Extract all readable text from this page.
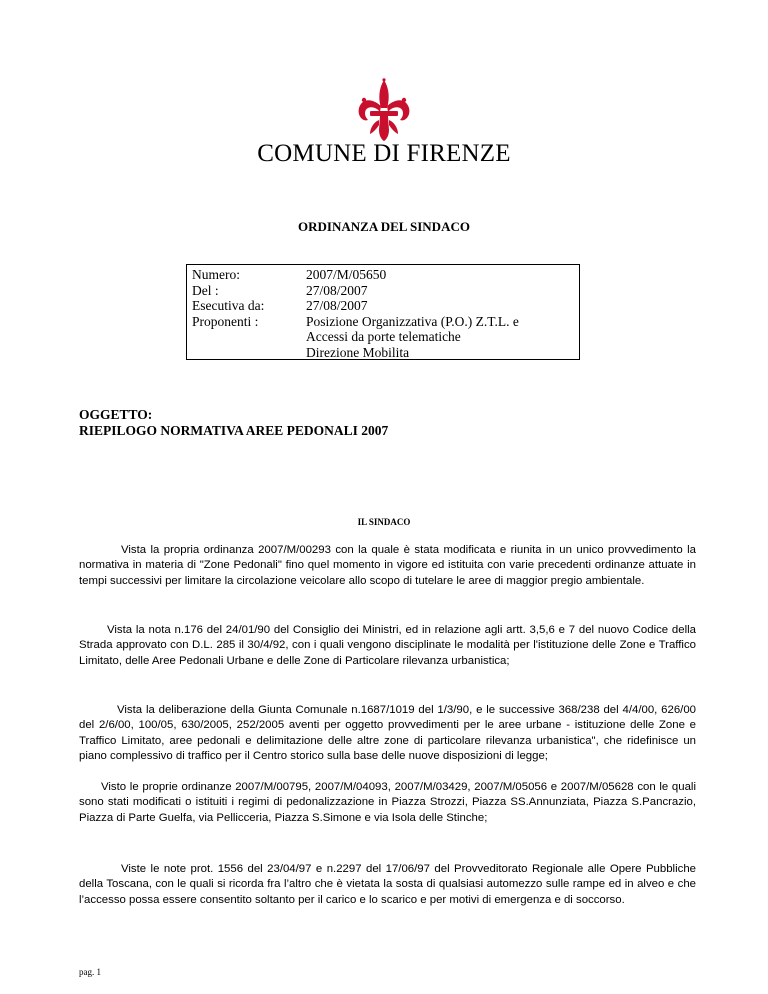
COMUNE DI FIRENZE
ORDINANZA DEL SINDACO
Numero:
Del :
Esecutiva da:
Proponenti :
2007/M/05650
27/08/2007
27/08/2007
Posizione Organizzativa (P.O.) Z.T.L. e
Accessi da porte telematiche
Direzione Mobilita
OGGETTO:
RIEPILOGO NORMATIVA AREE PEDONALI 2007
IL SINDACO

Vista la propria ordinanza 2007/M/00293 con la quale è stata modificata e riunita in un unico provvedimento la normativa in materia di "Zone Pedonali" fino quel momento in vigore ed istituita con varie precedenti ordinanze attuate in tempi successivi per limitare la circolazione veicolare allo scopo di tutelare le aree di maggior pregio ambientale.

Vista la nota n.176 del 24/01/90 del Consiglio dei Ministri, ed in relazione agli artt. 3,5,6 e 7 del nuovo Codice della Strada approvato con D.L. 285 il 30/4/92, con i quali vengono disciplinate le modalità per l'istituzione delle Zone e Traffico Limitato, delle Aree Pedonali Urbane e delle Zone di Particolare rilevanza urbanistica;

Vista la deliberazione della Giunta Comunale n.1687/1019 del 1/3/90, e le successive 368/238 del 4/4/00, 626/00 del 2/6/00, 100/05, 630/2005, 252/2005 aventi per oggetto provvedimenti per le aree urbane - istituzione delle Zone e Traffico Limitato, aree pedonali e delimitazione delle altre zone di particolare rilevanza urbanistica", che ridefinisce un piano complessivo di traffico per il Centro storico sulla base delle nuove disposizioni di legge;

Visto le proprie ordinanze 2007/M/00795, 2007/M/04093, 2007/M/03429, 2007/M/05056 e 2007/M/05628 con le quali sono stati modificati o istituiti i regimi di pedonalizzazione in Piazza Strozzi, Piazza SS.Annunziata, Piazza S.Pancrazio, Piazza di Parte Guelfa, via Pellicceria, Piazza S.Simone e via Isola delle Stinche;

Viste le note prot. 1556 del 23/04/97 e n.2297 del 17/06/97 del Provveditorato Regionale alle Opere Pubbliche della Toscana, con le quali si ricorda fra l’altro che è vietata la sosta di qualsiasi automezzo sulle rampe ed in alveo e che l’accesso possa essere consentito soltanto per il carico e lo scarico e per motivi di emergenza e di soccorso.

pag. 1
